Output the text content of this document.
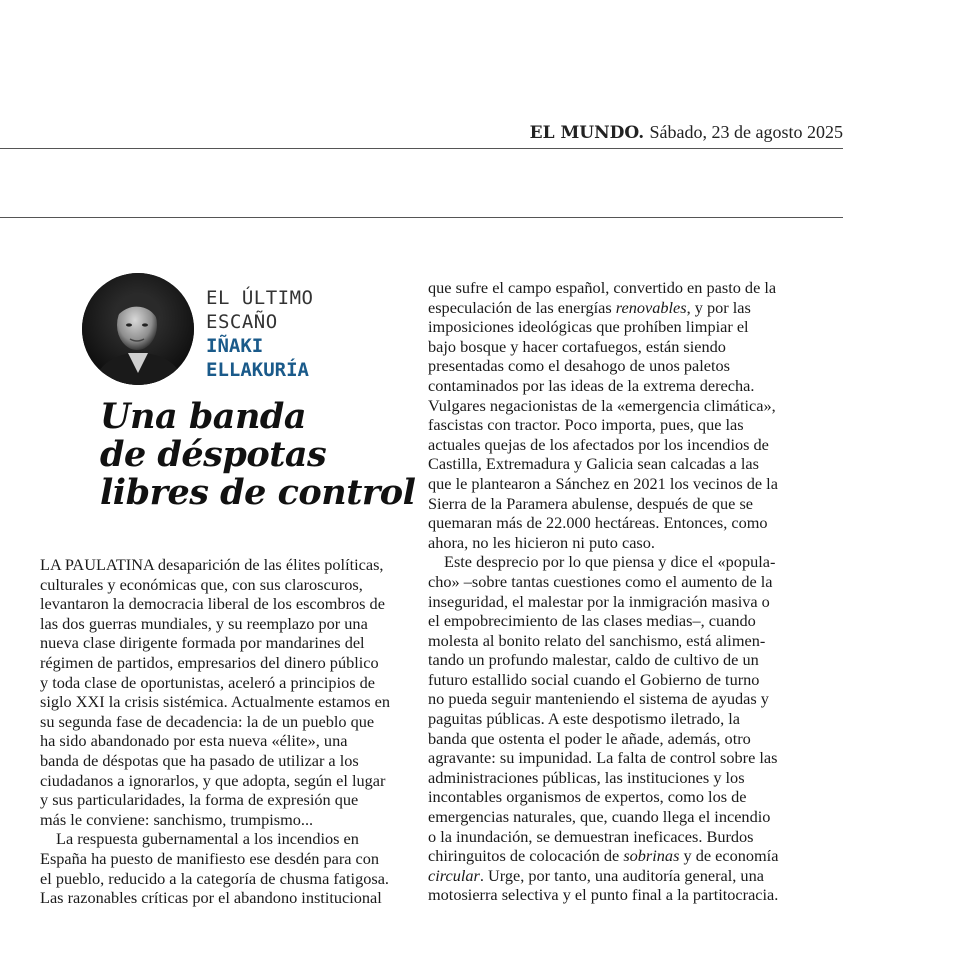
EL MUNDO. Sábado, 23 de agosto 2025
EL ÚLTIMO
ESCAÑO
IÑAKI
ELLAKURÍA
Una banda
de déspotas
libres de control
LA PAULATINA desaparición de las élites políticas,
culturales y económicas que, con sus claroscuros,
levantaron la democracia liberal de los escombros de
las dos guerras mundiales, y su reemplazo por una
nueva clase dirigente formada por mandarines del
régimen de partidos, empresarios del dinero público
y toda clase de oportunistas, aceleró a principios de
siglo XXI la crisis sistémica. Actualmente estamos en
su segunda fase de decadencia: la de un pueblo que
ha sido abandonado por esta nueva «élite», una
banda de déspotas que ha pasado de utilizar a los
ciudadanos a ignorarlos, y que adopta, según el lugar
y sus particularidades, la forma de expresión que
más le conviene: sanchismo, trumpismo...
La respuesta gubernamental a los incendios en
España ha puesto de manifiesto ese desdén para con
el pueblo, reducido a la categoría de chusma fatigosa.
Las razonables críticas por el abandono institucional
que sufre el campo español, convertido en pasto de la
especulación de las energías renovables, y por las
imposiciones ideológicas que prohíben limpiar el
bajo bosque y hacer cortafuegos, están siendo
presentadas como el desahogo de unos paletos
contaminados por las ideas de la extrema derecha.
Vulgares negacionistas de la «emergencia climática»,
fascistas con tractor. Poco importa, pues, que las
actuales quejas de los afectados por los incendios de
Castilla, Extremadura y Galicia sean calcadas a las
que le plantearon a Sánchez en 2021 los vecinos de la
Sierra de la Paramera abulense, después de que se
quemaran más de 22.000 hectáreas. Entonces, como
ahora, no les hicieron ni puto caso.
Este desprecio por lo que piensa y dice el «popula-
cho» –sobre tantas cuestiones como el aumento de la
inseguridad, el malestar por la inmigración masiva o
el empobrecimiento de las clases medias–, cuando
molesta al bonito relato del sanchismo, está alimen-
tando un profundo malestar, caldo de cultivo de un
futuro estallido social cuando el Gobierno de turno
no pueda seguir manteniendo el sistema de ayudas y
paguitas públicas. A este despotismo iletrado, la
banda que ostenta el poder le añade, además, otro
agravante: su impunidad. La falta de control sobre las
administraciones públicas, las instituciones y los
incontables organismos de expertos, como los de
emergencias naturales, que, cuando llega el incendio
o la inundación, se demuestran ineficaces. Burdos
chiringuitos de colocación de sobrinas y de economía
circular. Urge, por tanto, una auditoría general, una
motosierra selectiva y el punto final a la partitocracia.
